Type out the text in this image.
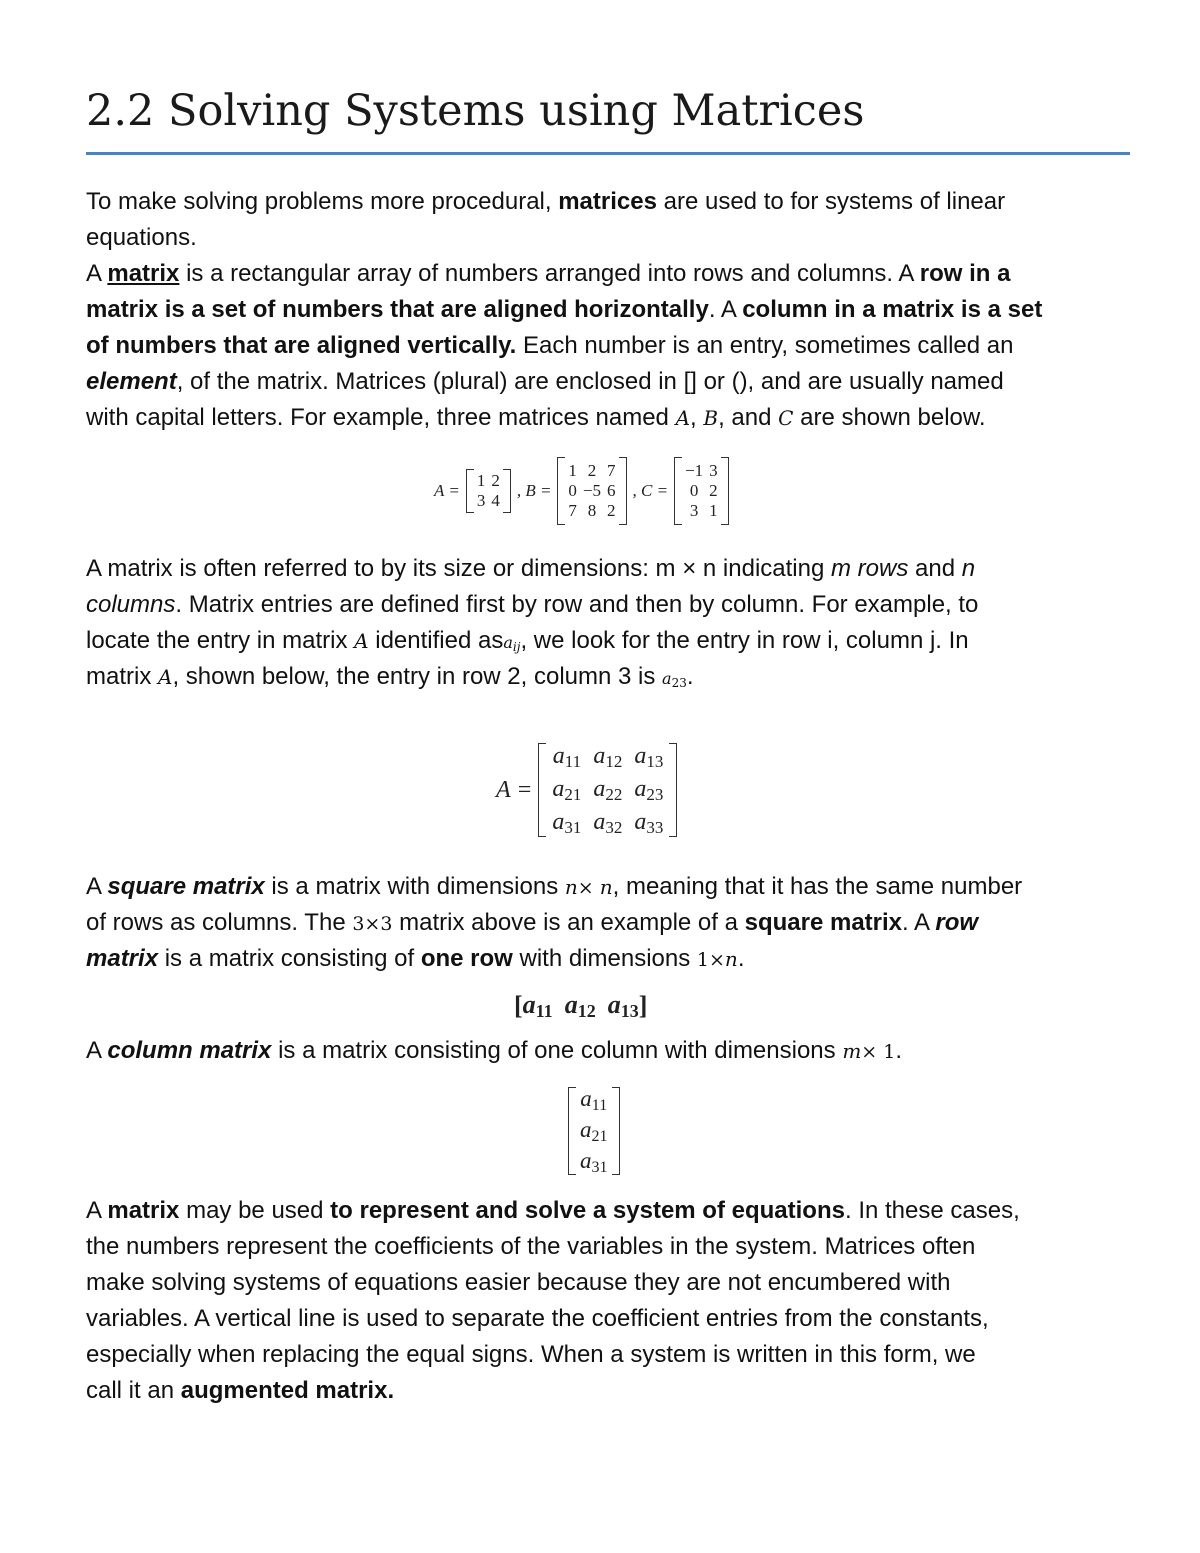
2.2 Solving Systems using Matrices
To make solving problems more procedural, matrices are used to for systems of linear
equations.
A matrix is a rectangular array of numbers arranged into rows and columns. A row in a
matrix is a set of numbers that are aligned horizontally. A column in a matrix is a set
of numbers that are aligned vertically. Each number is an entry, sometimes called an
element, of the matrix. Matrices (plural) are enclosed in [] or (), and are usually named
with capital letters. For example, three matrices named A, B, and C are shown below.
A =
1 2
3 4
, B =
1 2 7
0 −5 6
7 8 2
, C =
−1 3
0 2
3 1
A matrix is often referred to by its size or dimensions: m × n indicating m rows and n
columns. Matrix entries are defined first by row and then by column. For example, to
locate the entry in matrix A identified asa$_{ij}$, we look for the entry in row i, column j. In
matrix A, shown below, the entry in row 2, column 3 is $a_{23}$.
A =
a11 a12 a13
a21 a22 a23
a31 a32 a33
A square matrix is a matrix with dimensions n× n, meaning that it has the same number
of rows as columns. The 3×3 matrix above is an example of a square matrix. A row
matrix is a matrix consisting of one row with dimensions 1×n.
[ a11 a12 a13 ]
A column matrix is a matrix consisting of one column with dimensions m× 1.
a11
a21
a31
A matrix may be used to represent and solve a system of equations. In these cases,
the numbers represent the coefficients of the variables in the system. Matrices often
make solving systems of equations easier because they are not encumbered with
variables. A vertical line is used to separate the coefficient entries from the constants,
especially when replacing the equal signs. When a system is written in this form, we
call it an augmented matrix.
